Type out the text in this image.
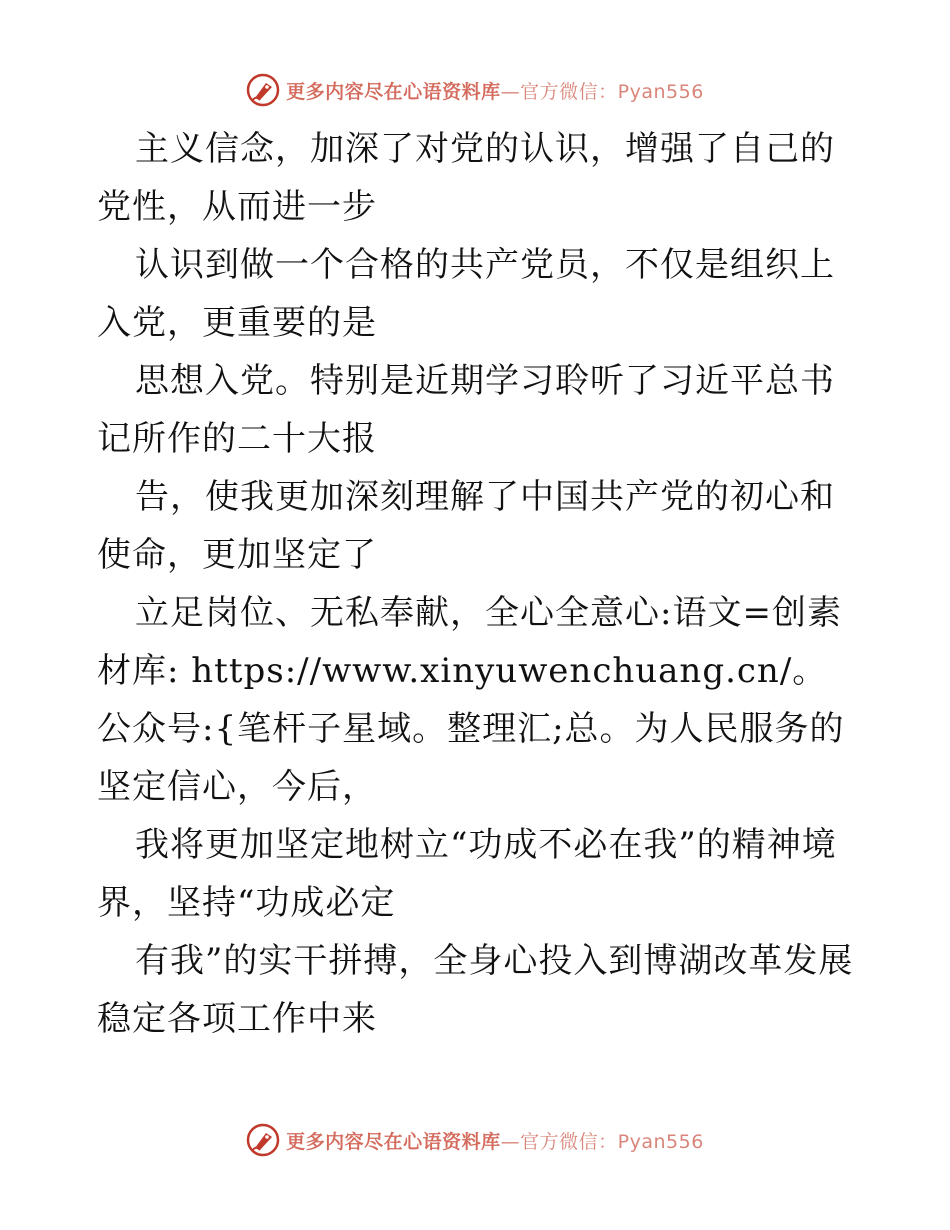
更多内容尽在心语资料库—官方微信：Pyan556

主义信念，加深了对党的认识，增强了自己的党性，从而进一步

认识到做一个合格的共产党员，不仅是组织上入党，更重要的是

思想入党。特别是近期学习聆听了习近平总书记所作的二十大报

告，使我更加深刻理解了中国共产党的初心和使命，更加坚定了

立足岗位、无私奉献，全心全意心:语文=创素材库: https://www.xinyuwenchuang.cn/。公众号:{笔杆子星域。整理汇;总。为人民服务的坚定信心，今后，

我将更加坚定地树立“功成不必在我”的精神境界，坚持“功成必定

有我”的实干拼搏，全身心投入到博湖改革发展稳定各项工作中来

更多内容尽在心语资料库—官方微信：Pyan556
